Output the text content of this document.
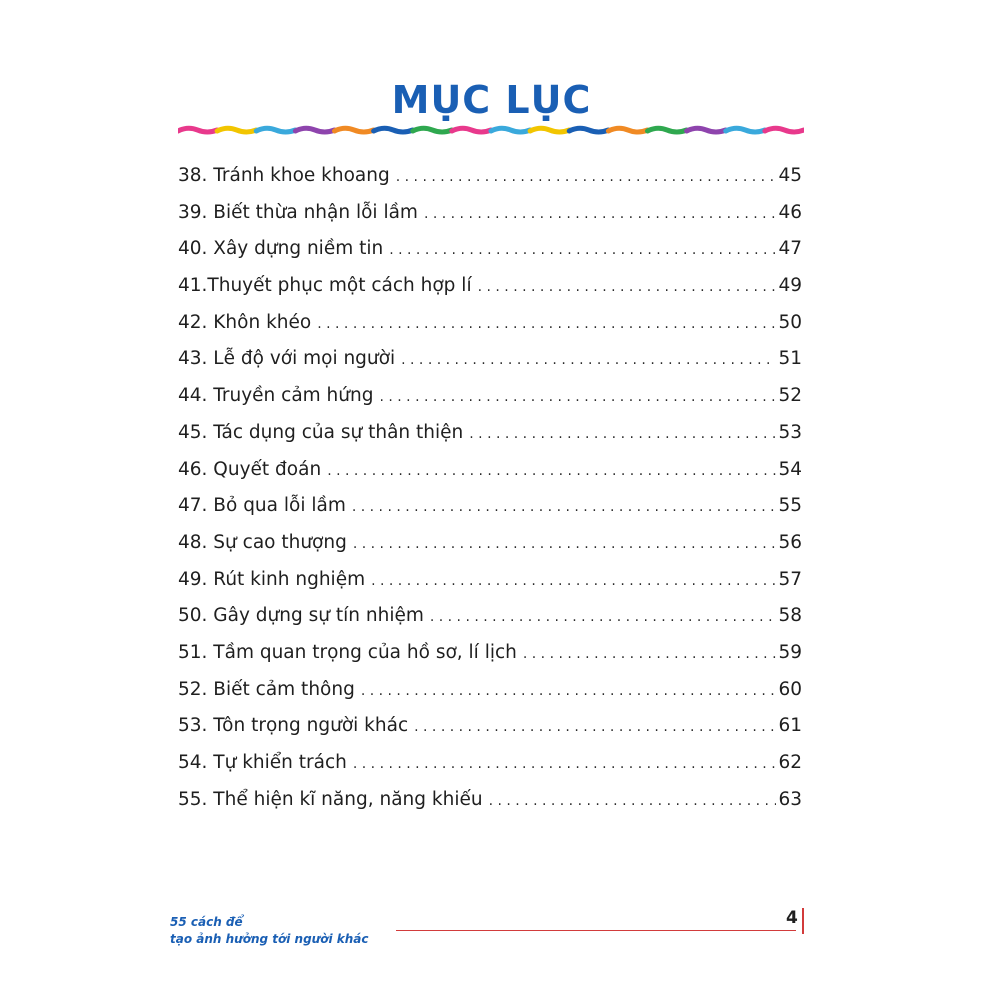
MỤC LỤC
38. Tránh khoe khoang . . .	45
39. Biết thừa nhận lỗi lầm . . .	46
40. Xây dựng niềm tin . . .	47
41.Thuyết phục một cách hợp lí . . .	49
42. Khôn khéo . . .	50
43. Lễ độ với mọi người . . .	51
44. Truyền cảm hứng . . .	52
45. Tác dụng của sự thân thiện . . .	53
46. Quyết đoán . . .	54
47. Bỏ qua lỗi lầm . . .	55
48. Sự cao thượng . . .	56
49. Rút kinh nghiệm . . .	57
50. Gây dựng sự tín nhiệm . . .	58
51. Tầm quan trọng của hồ sơ, lí lịch . . .	59
52. Biết cảm thông . . .	60
53. Tôn trọng người khác . . .	61
54. Tự khiển trách . . .	62
55. Thể hiện kĩ năng, năng khiếu . . .	63
55 cách để
tạo ảnh hưởng tới người khác
4
